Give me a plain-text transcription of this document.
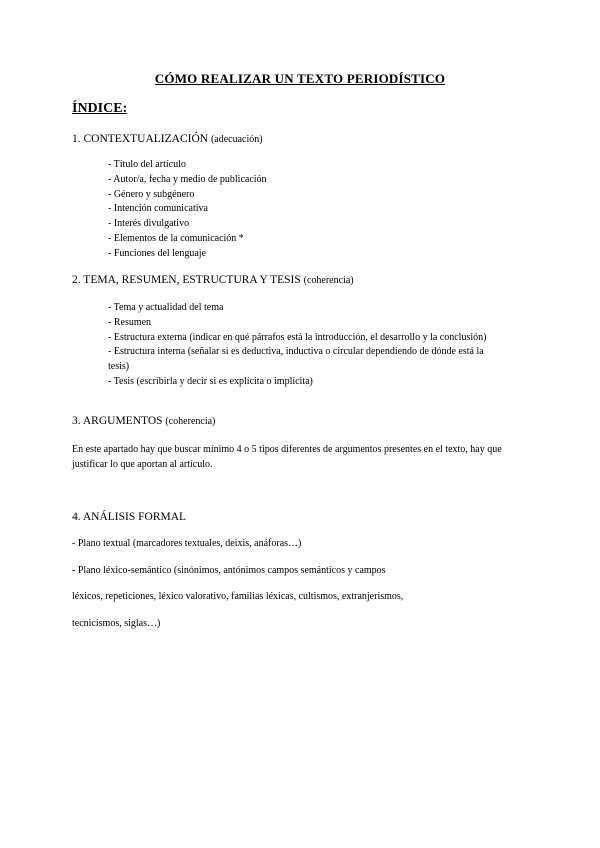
CÓMO REALIZAR UN TEXTO PERIODÍSTICO
ÍNDICE:
1. CONTEXTUALIZACIÓN (adecuación)
- Título del artículo
- Autor/a, fecha y medio de publicación
- Género y subgénero
- Intención comunicativa
- Interés divulgativo
- Elementos de la comunicación *
- Funciones del lenguaje
2. TEMA, RESUMEN, ESTRUCTURA Y TESIS (coherencia)
- Tema y actualidad del tema
- Resumen
- Estructura externa (indicar en qué párrafos está la introducción, el desarrollo y la conclusión)
- Estructura interna (señalar si es deductiva, inductiva o circular dependiendo de dónde está la tesis)
- Tesis (escribirla y decir si es explícita o implícita)
3. ARGUMENTOS (coherencia)

En este apartado hay que buscar mínimo 4 o 5 tipos diferentes de argumentos presentes en el texto, hay que justificar lo que aportan al artículo.

4. ANÁLISIS FORMAL

- Plano textual (marcadores textuales, deixis, anáforas…)

- Plano léxico-semántico (sinónimos, antónimos campos semánticos y campos

léxicos, repeticiones, léxico valorativo, familias léxicas, cultismos, extranjerismos,

tecnicismos, siglas…)
